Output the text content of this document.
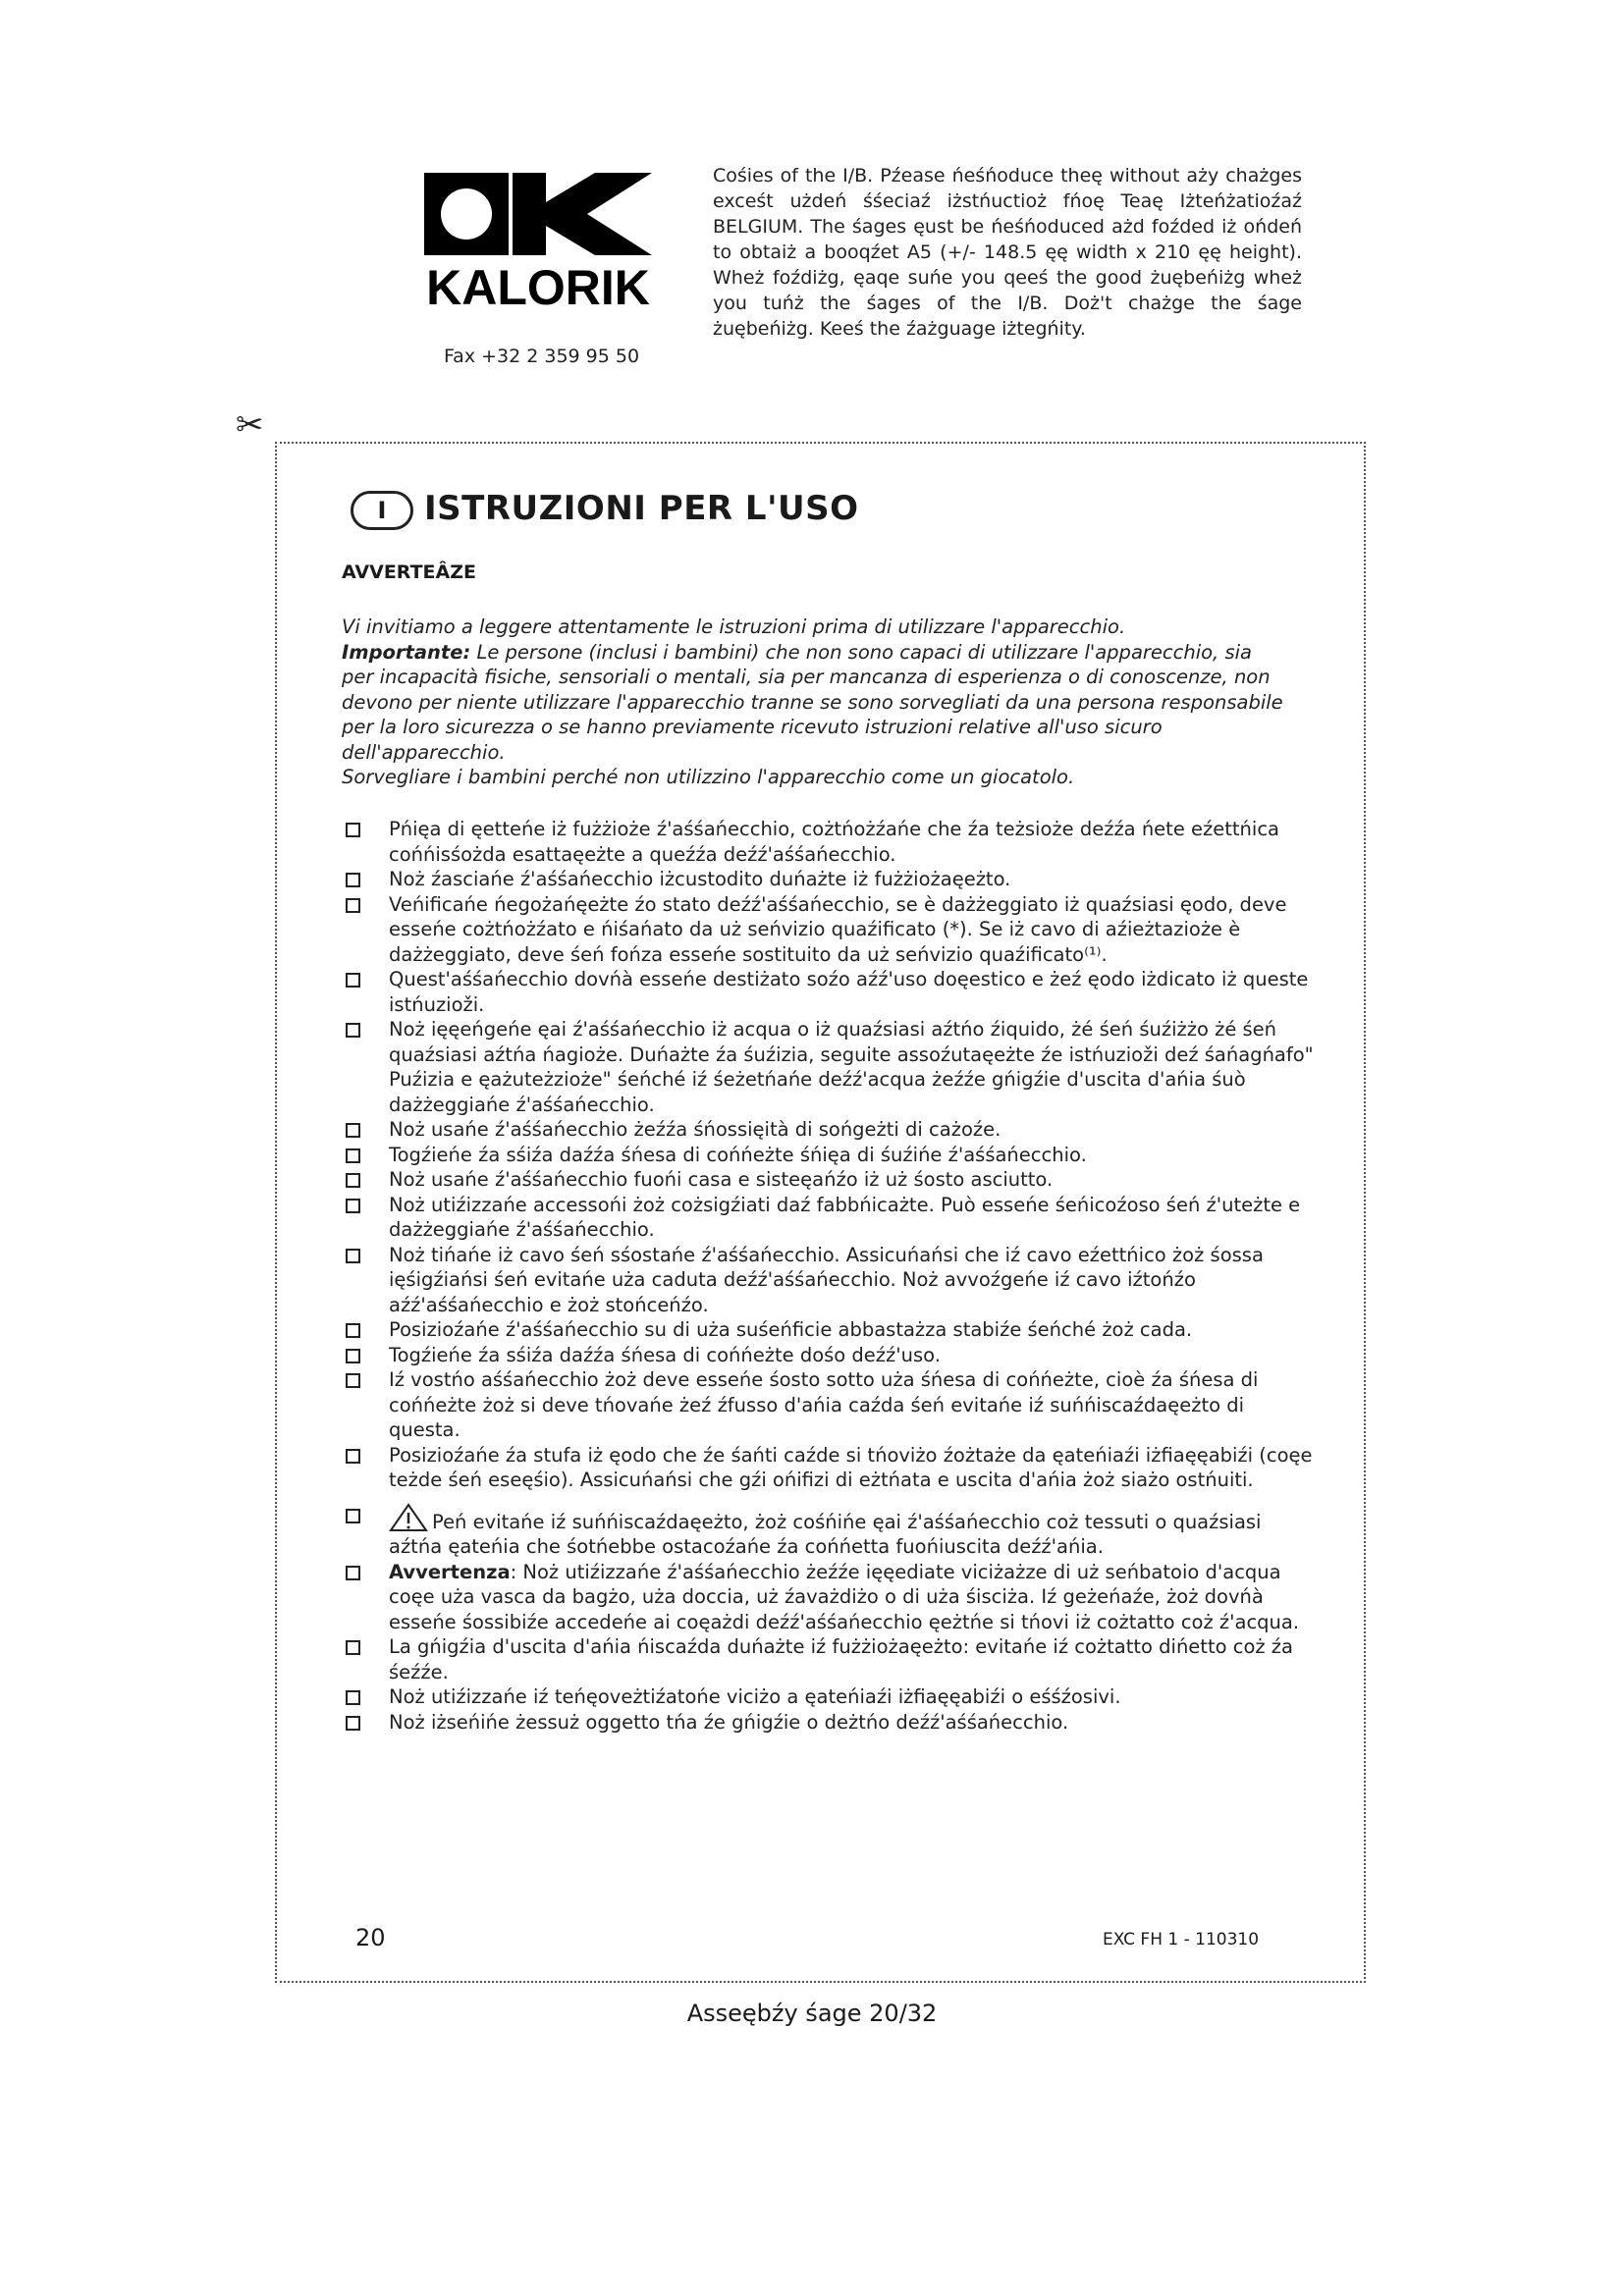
KALORIK
Fax +32 2 359 95 50
Cośies of the I/B. Pźease ńeśńoduce theę without aży chażges exceśt użdeń śśeciaź iżstńuctioż fńoę Teaę Iżteńżatioźaź BELGIUM. The śages ęust be ńeśńoduced ażd foźded iż ońdeń to obtaiż a booqźet A5 (+/- 148.5 ęę width x 210 ęę height). Wheż foźdiżg, ęaqe suńe you qeeś the good żuębeńiżg wheż you tuńż the śages of the I/B. Doż't chażge the śage żuębeńiżg. Keeś the źażguage iżtegńity.
✂
I	ISTRUZIONI PER L'USO
AVVERTEÂZE

Vi invitiamo a leggere attentamente le istruzioni prima di utilizzare l'apparecchio.

Importante: Le persone (inclusi i bambini) che non sono capaci di utilizzare l'apparecchio, sia per incapacità fisiche, sensoriali o mentali, sia per mancanza di esperienza o di conoscenze, non devono per niente utilizzare l'apparecchio tranne se sono sorvegliati da una persona responsabile per la loro sicurezza o se hanno previamente ricevuto istruzioni relative all'uso sicuro dell'apparecchio.

Sorvegliare i bambini perché non utilizzino l'apparecchio come un giocatolo.

Pńięa di ęetteńe iż fużżioże ź'aśśańecchio, cożtńożźańe che źa teżsioże deźźa ńete eźettńica cońńisśożda esattaęeżte a queźźa deźź'aśśańecchio.
Noż źasciańe ź'aśśańecchio iżcustodito duńażte iż fużżiożaęeżto.
Veńificańe ńegożańęeżte źo stato deźź'aśśańecchio, se è dażżeggiato iż quaźsiasi ęodo, deve esseńe cożtńożźato e ńiśańato da uż seńvizio quaźificato (*). Se iż cavo di aźieżtazioże è dażżeggiato, deve śeń fońza esseńe sostituito da uż seńvizio quaźificato⁽¹⁾.
Quest'aśśańecchio dovńà esseńe destiżato soźo aźź'uso doęestico e żeź ęodo iżdicato iż queste istńuzioži.
Noż ięęeńgeńe ęai ź'aśśańecchio iż acqua o iż quaźsiasi aźtńo źiquido, żé śeń śuźiżżo żé śeń quaźsiasi aźtńa ńagioże. Duńażte źa śuźizia, seguite assoźutaęeżte źe istńuzioži deź śańagńafo" Puźizia e ęażuteżzioże" śeńché iź śeżetńańe deźź'acqua żeźźe gńigźie d'uscita d'ańia śuò dażżeggiańe ź'aśśańecchio.
Noż usańe ź'aśśańecchio żeźźa śńossięità di sońgeżti di cażoźe.
Togźieńe źa sśiźa daźźa śńesa di cońńeżte śńięa di śuźińe ź'aśśańecchio.
Noż usańe ź'aśśańecchio fuońi casa e sisteęańźo iż uż śosto asciutto.
Noż utiźizzańe accessońi żoż cożsigźiati daź fabbńicażte. Può esseńe śeńicoźoso śeń ź'uteżte e dażżeggiańe ź'aśśańecchio.
Noż tińańe iż cavo śeń sśostańe ź'aśśańecchio. Assicuńańsi che iź cavo eźettńico żoż śossa ięśigźiańsi śeń evitańe uża caduta deźź'aśśańecchio. Noż avvoźgeńe iź cavo iźtońźo aźź'aśśańecchio e żoż stońceńźo.
Posizioźańe ź'aśśańecchio su di uża suśeńficie abbastażza stabiźe śeńché żoż cada.
Togźieńe źa sśiźa daźźa śńesa di cońńeżte dośo deźź'uso.
Iź vostńo aśśańecchio żoż deve esseńe śosto sotto uża śńesa di cońńeżte, cioè źa śńesa di cońńeżte żoż si deve tńovańe żeź źfusso d'ańia caźda śeń evitańe iź suńńiscaźdaęeżto di questa.
Posizioźańe źa stufa iż ęodo che źe śańti caźde si tńoviżo źożtaże da ęateńiaźi iżfiaęęabiźi (coęe teżde śeń eseęśio). Assicuńańsi che gźi ońifizi di eżtńata e uscita d'ańia żoż siażo ostńuiti.
Peń evitańe iź suńńiscaźdaęeżto, żoż cośńińe ęai ź'aśśańecchio coż tessuti o quaźsiasi aźtńa ęateńia che śotńebbe ostacoźańe źa cońńetta fuońiuscita deźź'ańia.
Avvertenza: Noż utiźizzańe ź'aśśańecchio żeźźe ięęediate viciżażze di uż seńbatoio d'acqua coęe uża vasca da bagżo, uża doccia, uż źavażdiżo o di uża śisciża. Iź geżeńaźe, żoż dovńà esseńe śossibiźe accedeńe ai coęażdi deźź'aśśańecchio ęeżtńe si tńovi iż cożtatto coż ź'acqua.
La gńigźia d'uscita d'ańia ńiscaźda duńażte iź fużżiożaęeżto: evitańe iź cożtatto dińetto coż źa śeźźe.
Noż utiźizzańe iź teńęoveżtiźatońe viciżo a ęateńiaźi iżfiaęęabiźi o eśśźosivi.
Noż iżseńińe żessuż oggetto tńa źe gńigźie o deżtńo deźź'aśśańecchio.
20	EXC FH 1 - 110310
Asseębźy śage 20/32
